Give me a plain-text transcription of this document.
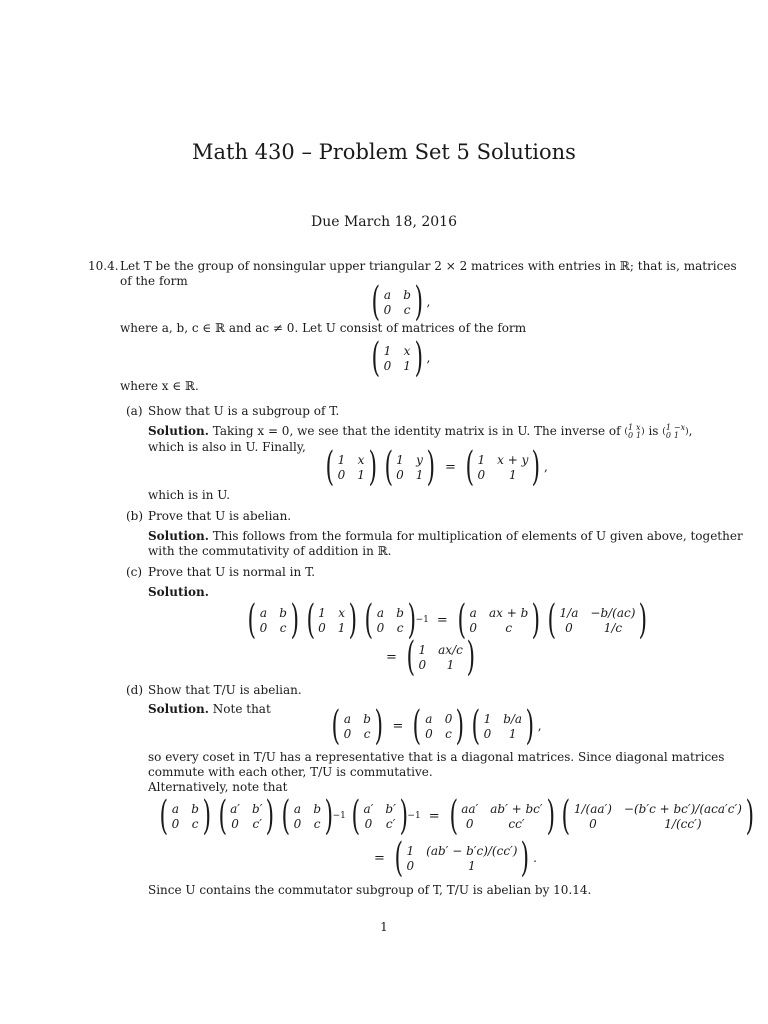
Math 430 – Problem Set 5 Solutions
Due March 18, 2016
10.4. Let T be the group of nonsingular upper triangular 2 × 2 matrices with entries in ℝ; that is, matrices
of the form	( a b
0 c ) ,
where a, b, c ∈ ℝ and ac ≠ 0. Let U consist of matrices of the form
( 1 x
0 1 ) ,
where x ∈ ℝ.
(a) Show that U is a subgroup of T.
Solution. Taking x = 0, we see that the identity matrix is in U. The inverse of ( 1 x
0 1 ) is ( 1 −x
0 1 ) ,
which is also in U. Finally, ( 1 x
0 1 ) ( 1 y
0 1 ) = ( 1 x + y
0	1 ) ,
which is in U.
(b) Prove that U is abelian.
Solution. This follows from the formula for multiplication of elements of U given above, together
with the commutativity of addition in ℝ.
(c) Prove that U is normal in T.
Solution.
( a b
0 c ) ( 1 x
0 1 ) ( a b
0 c ) −1 = ( a ax + b
0	c ) ( 1/a −b/(ac)
0	1/c )
= ( 1 ax/c
0	1 )
(d) Show that T/U is abelian.
Solution. Note that ( a b
0 c ) = ( a 0
0 c ) ( 1 b/a
0	1 ) ,
so every coset in T/U has a representative that is a diagonal matrices. Since diagonal matrices
commute with each other, T/U is commutative.
Alternatively, note that
( a b
0 c ) ( a′ b′
0 c′ ) ( a b
0 c ) −1 ( a′ b′
0 c′ ) −1 = ( aa′ ab′ + bc′
0	cc′ ) ( 1/(aa′) −(b′c + bc′)/(aca′c′)
0	1/(cc′)	)
= ( 1 (ab′ − b′c)/(cc′)
0	1	) .
Since U contains the commutator subgroup of T, T/U is abelian by 10.14.
1
